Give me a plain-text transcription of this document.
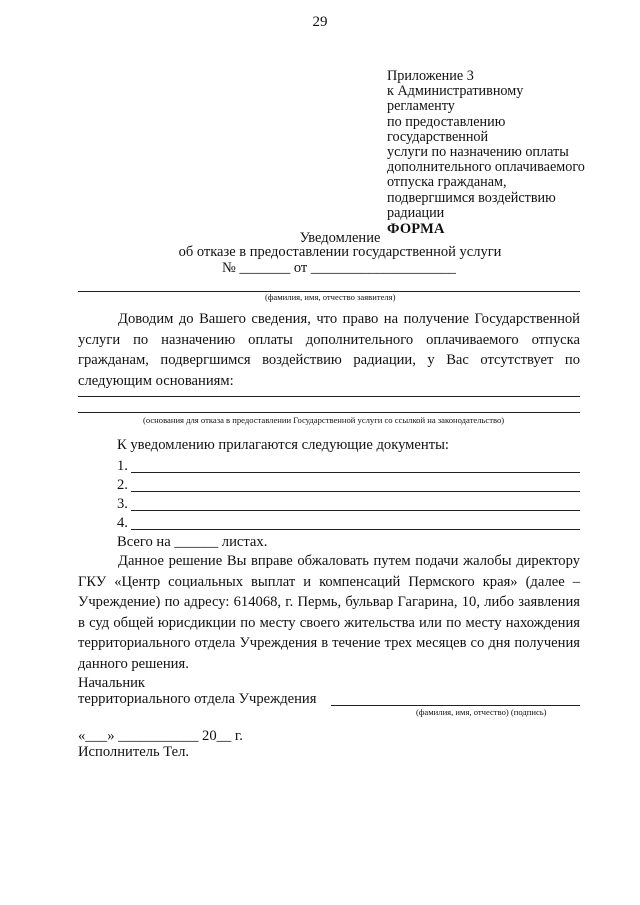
29
Приложение 3
к Административному
регламенту
по предоставлению
государственной
услуги по назначению оплаты
дополнительного оплачиваемого
отпуска гражданам,
подвергшимся воздействию
радиации
ФОРМА
Уведомление
об отказе в предоставлении государственной услуги
№ _______ от ____________________
(фамилия, имя, отчество заявителя)

Доводим до Вашего сведения, что право на получение Государственной услуги по назначению оплаты дополнительного оплачиваемого отпуска гражданам, подвергшимся воздействию радиации, у Вас отсутствует по следующим основаниям:

(основания для отказа в предоставлении Государственной услуги со ссылкой на законодательство)
К уведомлению прилагаются следующие документы:
1.
2.
3.
4.
Всего на ______ листах.

Данное решение Вы вправе обжаловать путем подачи жалобы директору ГКУ «Центр социальных выплат и компенсаций Пермского края» (далее – Учреждение) по адресу: 614068, г. Пермь, бульвар Гагарина, 10, либо заявления в суд общей юрисдикции по месту своего жительства или по месту нахождения территориального отдела Учреждения в течение трех месяцев со дня получения данного решения.

Начальник
территориального отдела Учреждения
(фамилия, имя, отчество) (подпись)
«___» ___________ 20__ г.
Исполнитель Тел.
